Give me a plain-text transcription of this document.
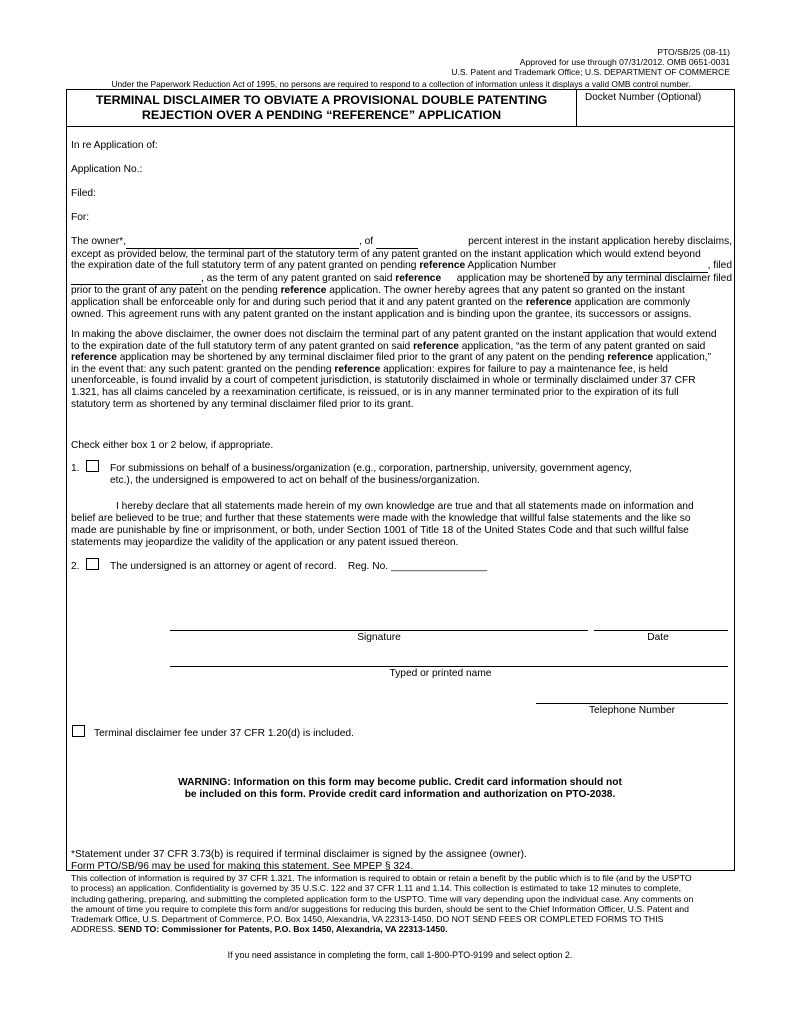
PTO/SB/25 (08-11)
Approved for use through 07/31/2012. OMB 0651-0031
U.S. Patent and Trademark Office; U.S. DEPARTMENT OF COMMERCE
Under the Paperwork Reduction Act of 1995, no persons are required to respond to a collection of information unless it displays a valid OMB control number.
TERMINAL DISCLAIMER TO OBVIATE A PROVISIONAL DOUBLE PATENTING
REJECTION OVER A PENDING “REFERENCE” APPLICATION
Docket Number (Optional)
In re Application of:
Application No.:
Filed:
For:
The owner*,	, of	percent interest in the instant application hereby disclaims,
except as provided below, the terminal part of the statutory term of any patent granted on the instant application which would extend beyond
the expiration date of the full statutory term of any patent granted on pending reference Application Number	, filed
, as the term of any patent granted on said reference application may be shortened by any terminal disclaimer filed
prior to the grant of any patent on the pending reference application. The owner hereby agrees that any patent so granted on the instant
application shall be enforceable only for and during such period that it and any patent granted on the reference application are commonly
owned. This agreement runs with any patent granted on the instant application and is binding upon the grantee, its successors or assigns.
In making the above disclaimer, the owner does not disclaim the terminal part of any patent granted on the instant application that would extend
to the expiration date of the full statutory term of any patent granted on said reference application, “as the term of any patent granted on said
reference application may be shortened by any terminal disclaimer filed prior to the grant of any patent on the pending reference application,”
in the event that: any such patent: granted on the pending reference application: expires for failure to pay a maintenance fee, is held
unenforceable, is found invalid by a court of competent jurisdiction, is statutorily disclaimed in whole or terminally disclaimed under 37 CFR
1.321, has all claims canceled by a reexamination certificate, is reissued, or is in any manner terminated prior to the expiration of its full
statutory term as shortened by any terminal disclaimer filed prior to its grant.
Check either box 1 or 2 below, if appropriate.
1.	For submissions on behalf of a business/organization (e.g., corporation, partnership, university, government agency,
etc.), the undersigned is empowered to act on behalf of the business/organization.
I hereby declare that all statements made herein of my own knowledge are true and that all statements made on information and
belief are believed to be true; and further that these statements were made with the knowledge that willful false statements and the like so
made are punishable by fine or imprisonment, or both, under Section 1001 of Title 18 of the United States Code and that such willful false
statements may jeopardize the validity of the application or any patent issued thereon.
2.	The undersigned is an attorney or agent of record. Reg. No. _________________
Signature	Date
Typed or printed name
Telephone Number
Terminal disclaimer fee under 37 CFR 1.20(d) is included.
WARNING: Information on this form may become public. Credit card information should not
be included on this form. Provide credit card information and authorization on PTO-2038.
*Statement under 37 CFR 3.73(b) is required if terminal disclaimer is signed by the assignee (owner).
Form PTO/SB/96 may be used for making this statement. See MPEP § 324.
This collection of information is required by 37 CFR 1.321. The information is required to obtain or retain a benefit by the public which is to file (and by the USPTO
to process) an application. Confidentiality is governed by 35 U.S.C. 122 and 37 CFR 1.11 and 1.14. This collection is estimated to take 12 minutes to complete,
including gathering, preparing, and submitting the completed application form to the USPTO. Time will vary depending upon the individual case. Any comments on
the amount of time you require to complete this form and/or suggestions for reducing this burden, should be sent to the Chief Information Officer, U.S. Patent and
Trademark Office, U.S. Department of Commerce, P.O. Box 1450, Alexandria, VA 22313-1450. DO NOT SEND FEES OR COMPLETED FORMS TO THIS
ADDRESS. SEND TO: Commissioner for Patents, P.O. Box 1450, Alexandria, VA 22313-1450.
If you need assistance in completing the form, call 1-800-PTO-9199 and select option 2.
